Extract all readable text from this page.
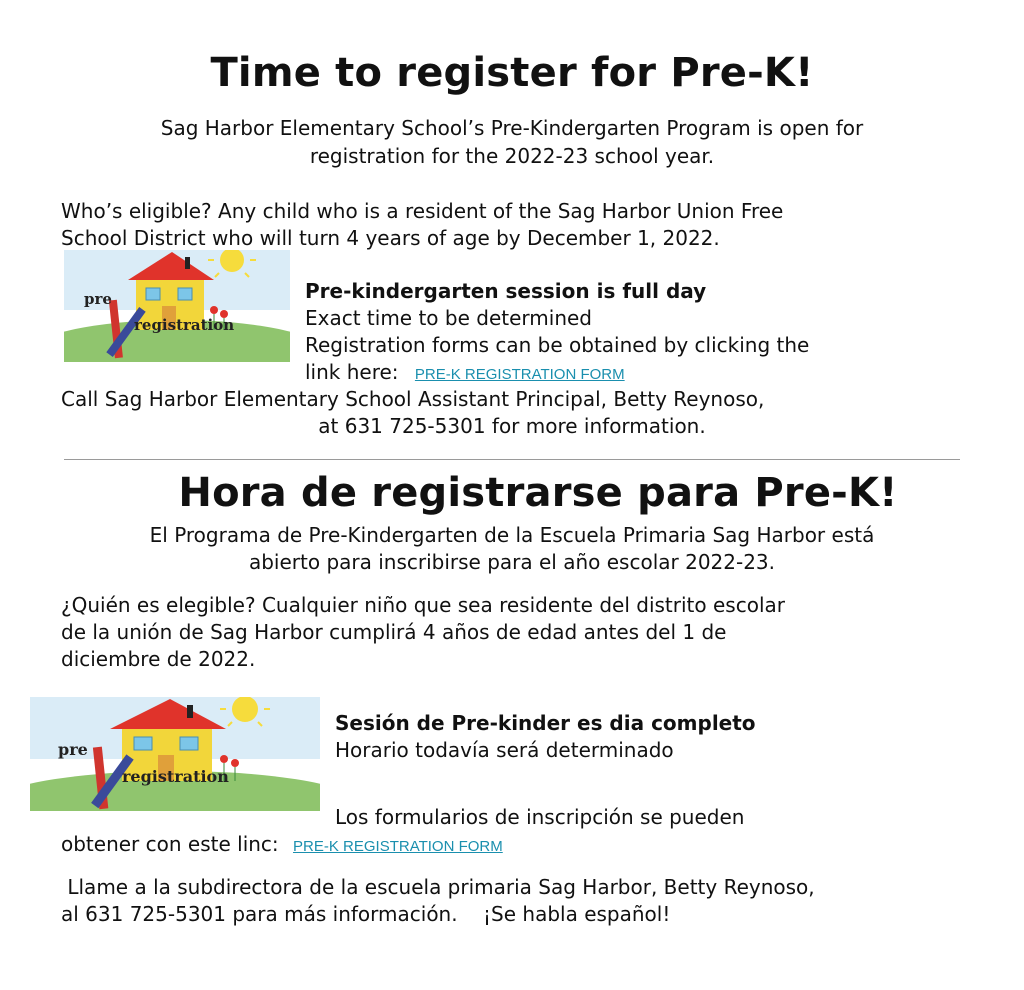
Time to register for Pre-K!
Sag Harbor Elementary School’s Pre-Kindergarten Program is open for
registration for the 2022-23 school year.
Who’s eligible? Any child who is a resident of the Sag Harbor Union Free
School District who will turn 4 years of age by December 1, 2022.
pre
registration
Pre-kindergarten session is full day
Exact time to be determined
Registration forms can be obtained by clicking the
link here: PRE-K REGISTRATION FORM
Call Sag Harbor Elementary School Assistant Principal, Betty Reynoso,
at 631 725-5301 for more information.
Hora de registrarse para Pre-K!
El Programa de Pre-Kindergarten de la Escuela Primaria Sag Harbor está
abierto para inscribirse para el año escolar 2022-23.
¿Quién es elegible? Cualquier niño que sea residente del distrito escolar
de la unión de Sag Harbor cumplirá 4 años de edad antes del 1 de
diciembre de 2022.
pre
registration
Sesión de Pre-kinder es dia completo
Horario todavía será determinado
Los formularios de inscripción se pueden
obtener con este linc: PRE-K REGISTRATION FORM
Llame a la subdirectora de la escuela primaria Sag Harbor, Betty Reynoso,
al 631 725-5301 para más información.    ¡Se habla español!
